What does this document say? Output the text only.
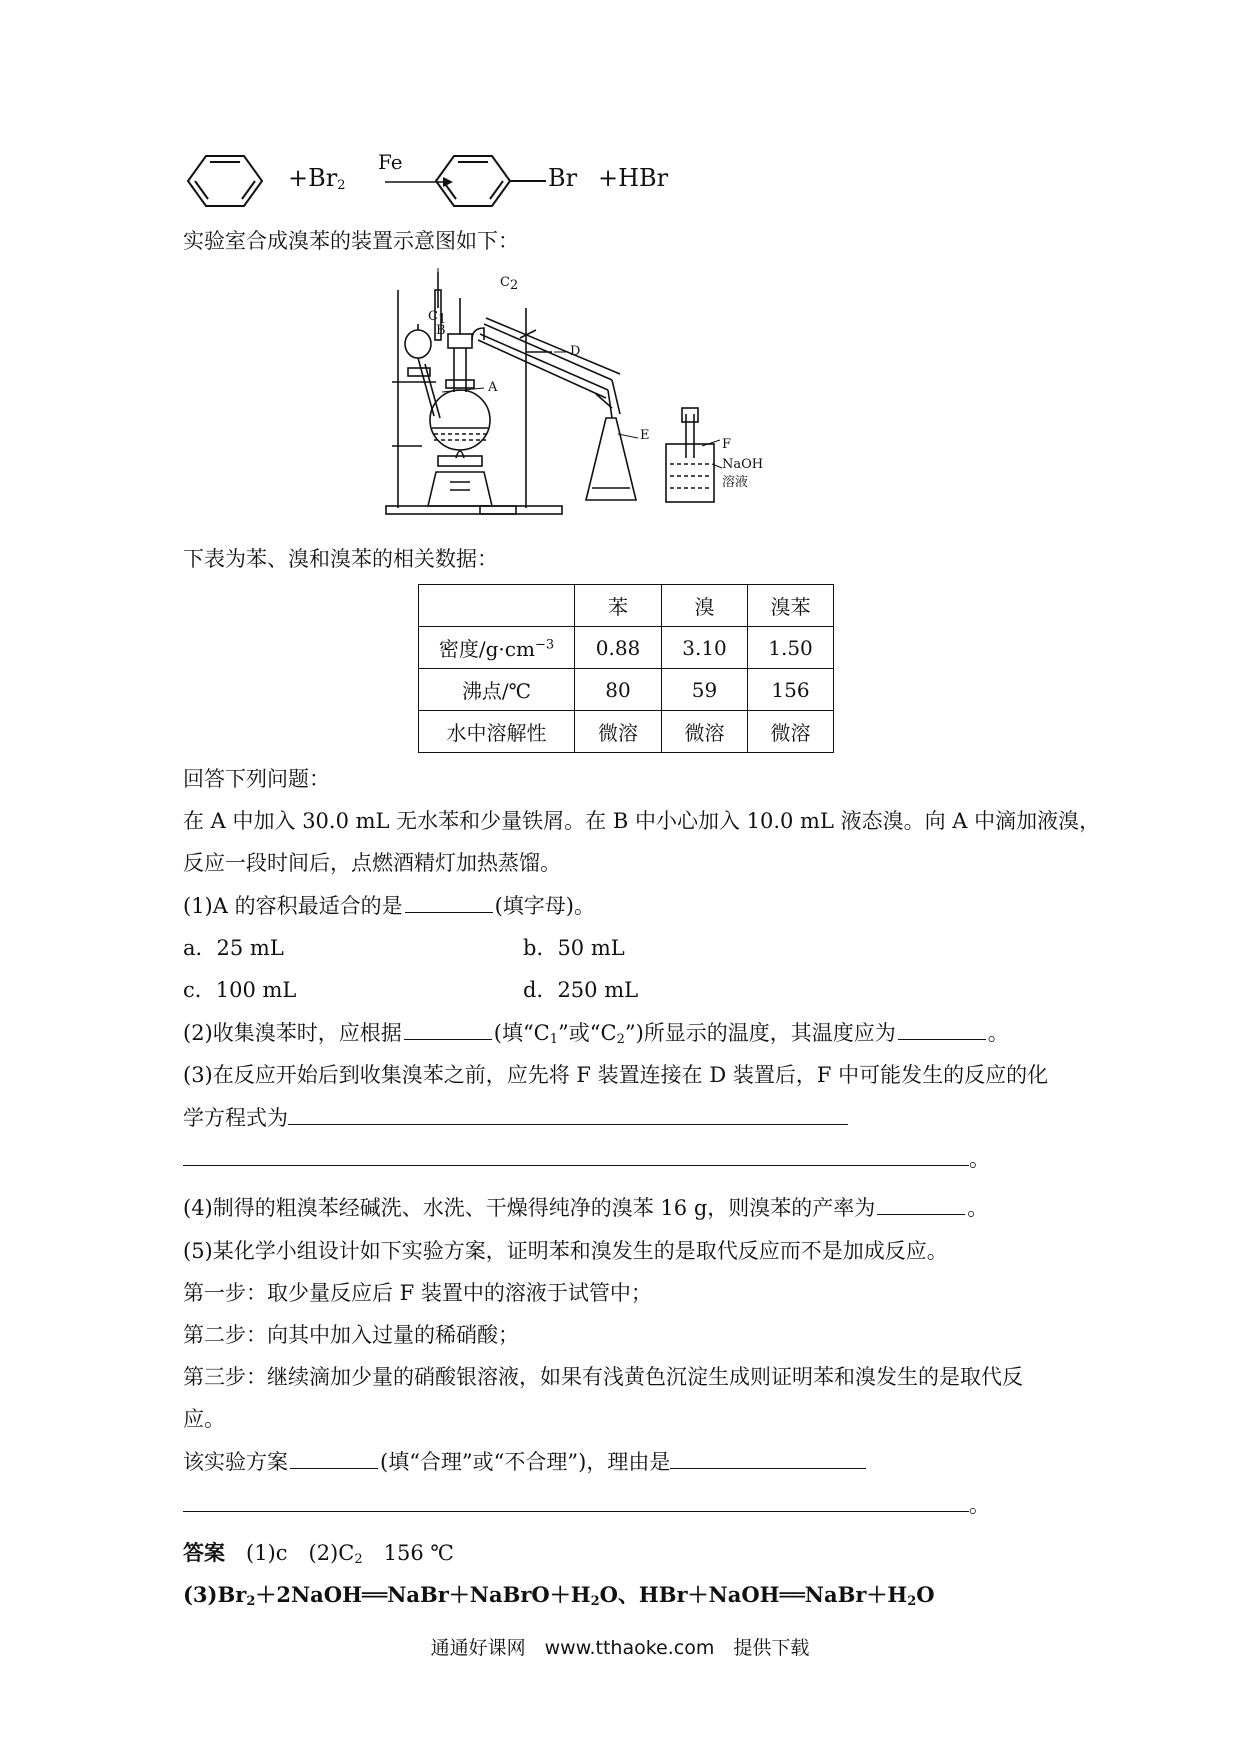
$+Br_2$
Fe
Br +HBr
实验室合成溴苯的装置示意图如下：
$C_2$
$C_1$
B
A
D
E
F
NaOH
溶液
下表为苯、溴和溴苯的相关数据：
	苯	溴	溴苯
密度$/g\cdot cm^{-3}$	0.88	3.10	1.50
沸点/℃	80	59	156
水中溶解性	微溶	微溶	微溶
回答下列问题：
在 A 中加入 30.0 mL 无水苯和少量铁屑。在 B 中小心加入 10.0 mL 液态溴。向 A 中滴加液溴，
反应一段时间后，点燃酒精灯加热蒸馏。
(1)A 的容积最适合的是	(填字母)。
a．25 mL	b．50 mL
c．100 mL	d．250 mL
(2)收集溴苯时，应根据	(填“$C_1$”或“$C_2$”)所显示的温度，其温度应为	。
(3)在反应开始后到收集溴苯之前，应先将 F 装置连接在 D 装置后，F 中可能发生的反应的化
学方程式为
。
(4)制得的粗溴苯经碱洗、水洗、干燥得纯净的溴苯 16 g，则溴苯的产率为	。
(5)某化学小组设计如下实验方案，证明苯和溴发生的是取代反应而不是加成反应。
第一步：取少量反应后 F 装置中的溶液于试管中；
第二步：向其中加入过量的稀硝酸；
第三步：继续滴加少量的硝酸银溶液，如果有浅黄色沉淀生成则证明苯和溴发生的是取代反
应。
该实验方案	(填“合理”或“不合理”)，理由是
。
答案　 (1)c　$(2)C_2$　156 ℃
$(3)Br_2+2NaOH══NaBr+NaBrO+H_2O$、$HBr+NaOH══NaBr+H_2O$
通通好课网　www.tthaoke.com　提供下载
